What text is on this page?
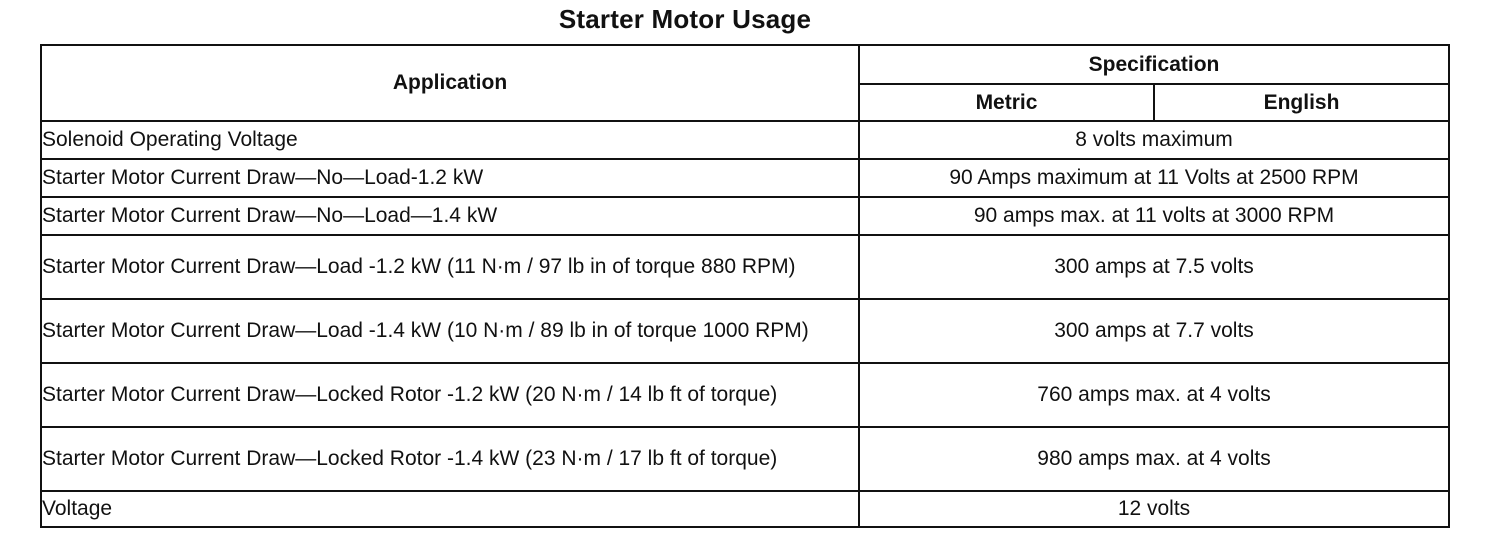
Starter Motor Usage
Application	Specification	
	Metric	English
Solenoid Operating Voltage	8 volts maximum	
Starter Motor Current Draw—No—Load-1.2 kW	90 Amps maximum at 11 Volts at 2500 RPM	
Starter Motor Current Draw—No—Load—1.4 kW	90 amps max. at 11 volts at 3000 RPM	
Starter Motor Current Draw—Load -1.2 kW (11 N·m / 97 lb in of torque 880 RPM)	300 amps at 7.5 volts	
Starter Motor Current Draw—Load -1.4 kW (10 N·m / 89 lb in of torque 1000 RPM)	300 amps at 7.7 volts	
Starter Motor Current Draw—Locked Rotor -1.2 kW (20 N·m / 14 lb ft of torque)	760 amps max. at 4 volts	
Starter Motor Current Draw—Locked Rotor -1.4 kW (23 N·m / 17 lb ft of torque)	980 amps max. at 4 volts	
Voltage	12 volts	
